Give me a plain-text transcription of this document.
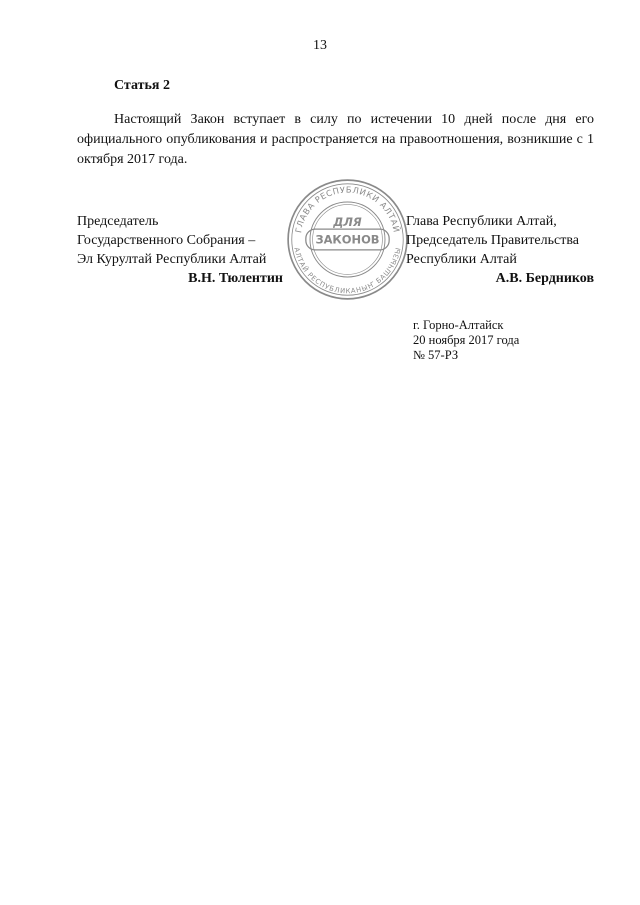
13
Статья 2

Настоящий Закон вступает в силу по истечении 10 дней после дня его официального опубликования и распространяется на правоотношения, возникшие с 1 октября 2017 года.

Председатель
Государственного Собрания –
Эл Курултай Республики Алтай
В.Н. Тюлентин
ГЛАВА РЕСПУБЛИКИ АЛТАЙ
АЛТАЙ РЕСПУБЛИКАНЫҤ БАШЧЫЗЫ
ДЛЯ
ЗАКОНОВ
Глава Республики Алтай,
Председатель Правительства
Республики Алтай
А.В. Бердников
г. Горно-Алтайск
20 ноября 2017 года
№ 57-РЗ
